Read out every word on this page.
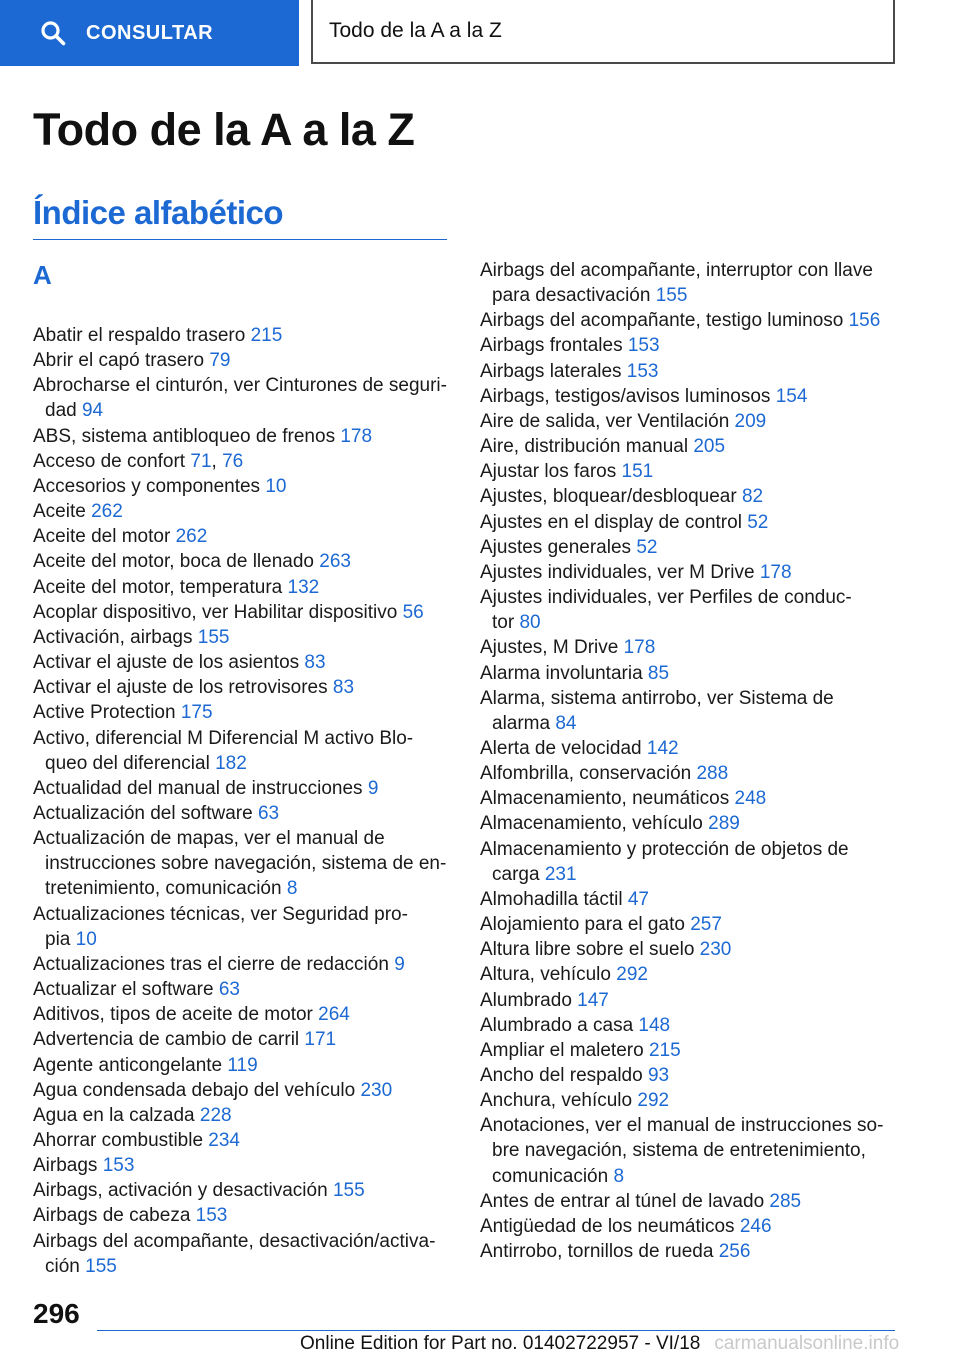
CONSULTAR	Todo de la A a la Z
Todo de la A a la Z
Índice alfabético
A
Abatir el respaldo trasero 215
Abrir el capó trasero 79
Abrocharse el cinturón, ver Cinturones de seguri‐
dad 94
ABS, sistema antibloqueo de frenos 178
Acceso de confort 71, 76
Accesorios y componentes 10
Aceite 262
Aceite del motor 262
Aceite del motor, boca de llenado 263
Aceite del motor, temperatura 132
Acoplar dispositivo, ver Habilitar dispositivo 56
Activación, airbags 155
Activar el ajuste de los asientos 83
Activar el ajuste de los retrovisores 83
Active Protection 175
Activo, diferencial M Diferencial M activo Blo‐
queo del diferencial 182
Actualidad del manual de instrucciones 9
Actualización del software 63
Actualización de mapas, ver el manual de
instrucciones sobre navegación, sistema de en‐
tretenimiento, comunicación 8
Actualizaciones técnicas, ver Seguridad pro‐
pia 10
Actualizaciones tras el cierre de redacción 9
Actualizar el software 63
Aditivos, tipos de aceite de motor 264
Advertencia de cambio de carril 171
Agente anticongelante 119
Agua condensada debajo del vehículo 230
Agua en la calzada 228
Ahorrar combustible 234
Airbags 153
Airbags, activación y desactivación 155
Airbags de cabeza 153
Airbags del acompañante, desactivación/activa‐
ción 155
Airbags del acompañante, interruptor con llave
para desactivación 155
Airbags del acompañante, testigo luminoso 156
Airbags frontales 153
Airbags laterales 153
Airbags, testigos/avisos luminosos 154
Aire de salida, ver Ventilación 209
Aire, distribución manual 205
Ajustar los faros 151
Ajustes, bloquear/desbloquear 82
Ajustes en el display de control 52
Ajustes generales 52
Ajustes individuales, ver M Drive 178
Ajustes individuales, ver Perfiles de conduc‐
tor 80
Ajustes, M Drive 178
Alarma involuntaria 85
Alarma, sistema antirrobo, ver Sistema de
alarma 84
Alerta de velocidad 142
Alfombrilla, conservación 288
Almacenamiento, neumáticos 248
Almacenamiento, vehículo 289
Almacenamiento y protección de objetos de
carga 231
Almohadilla táctil 47
Alojamiento para el gato 257
Altura libre sobre el suelo 230
Altura, vehículo 292
Alumbrado 147
Alumbrado a casa 148
Ampliar el maletero 215
Ancho del respaldo 93
Anchura, vehículo 292
Anotaciones, ver el manual de instrucciones so‐
bre navegación, sistema de entretenimiento,
comunicación 8
Antes de entrar al túnel de lavado 285
Antigüedad de los neumáticos 246
Antirrobo, tornillos de rueda 256
296
Online Edition for Part no. 01402722957 - VI/18 carmanualsonline.info
